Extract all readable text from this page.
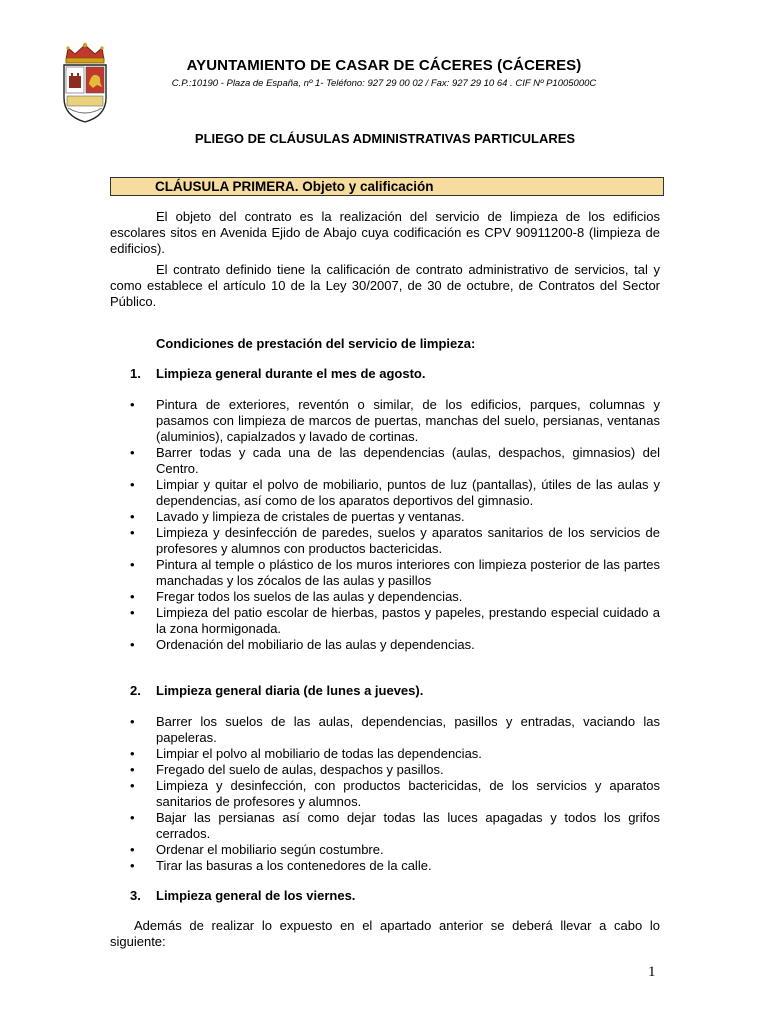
AYUNTAMIENTO DE CASAR DE CÁCERES (CÁCERES)
C.P.:10190 - Plaza de España, nº 1- Teléfono: 927 29 00 02 / Fax: 927 29 10 64 . CIF Nº P1005000C
PLIEGO DE CLÁUSULAS ADMINISTRATIVAS PARTICULARES
CLÁUSULA PRIMERA. Objeto y calificación

El objeto del contrato es la realización del servicio de limpieza de los edificios escolares sitos en Avenida Ejido de Abajo cuya codificación es CPV 90911200-8 (limpieza de edificios).

El contrato definido tiene la calificación de contrato administrativo de servicios, tal y como establece el artículo 10 de la Ley 30/2007, de 30 de octubre, de Contratos del Sector Público.

Condiciones de prestación del servicio de limpieza:
1. Limpieza general durante el mes de agosto.
• Pintura de exteriores, reventón o similar, de los edificios, parques, columnas y pasamos con limpieza de marcos de puertas, manchas del suelo, persianas, ventanas (aluminios), capialzados y lavado de cortinas.
• Barrer todas y cada una de las dependencias (aulas, despachos, gimnasios) del Centro.
• Limpiar y quitar el polvo de mobiliario, puntos de luz (pantallas), útiles de las aulas y dependencias, así como de los aparatos deportivos del gimnasio.
• Lavado y limpieza de cristales de puertas y ventanas.
• Limpieza y desinfección de paredes, suelos y aparatos sanitarios de los servicios de profesores y alumnos con productos bactericidas.
• Pintura al temple o plástico de los muros interiores con limpieza posterior de las partes manchadas y los zócalos de las aulas y pasillos
• Fregar todos los suelos de las aulas y dependencias.
• Limpieza del patio escolar de hierbas, pastos y papeles, prestando especial cuidado a la zona hormigonada.
• Ordenación del mobiliario de las aulas y dependencias.
2. Limpieza general diaria (de lunes a jueves).
• Barrer los suelos de las aulas, dependencias, pasillos y entradas, vaciando las papeleras.
• Limpiar el polvo al mobiliario de todas las dependencias.
• Fregado del suelo de aulas, despachos y pasillos.
• Limpieza y desinfección, con productos bactericidas, de los servicios y aparatos sanitarios de profesores y alumnos.
• Bajar las persianas así como dejar todas las luces apagadas y todos los grifos cerrados.
• Ordenar el mobiliario según costumbre.
• Tirar las basuras a los contenedores de la calle.
3. Limpieza general de los viernes.

Además de realizar lo expuesto en el apartado anterior se deberá llevar a cabo lo siguiente:

1
